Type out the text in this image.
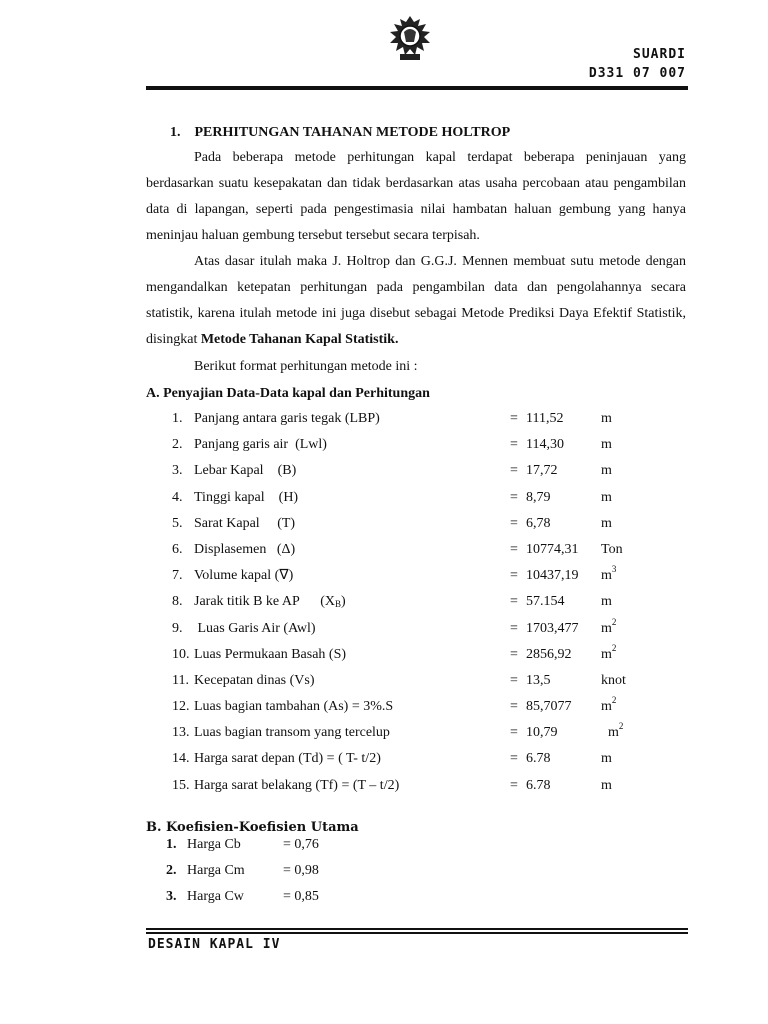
SUARDI
D331 07 007
1. PERHITUNGAN TAHANAN METODE HOLTROP
Pada beberapa metode perhitungan kapal terdapat beberapa peninjauan yang berdasarkan suatu kesepakatan dan tidak berdasarkan atas usaha percobaan atau pengambilan data di lapangan, seperti pada pengestimasia nilai hambatan haluan gembung yang hanya meninjau haluan gembung tersebut tersebut secara terpisah.
Atas dasar itulah maka J. Holtrop dan G.G.J. Mennen membuat sutu metode dengan mengandalkan ketepatan perhitungan pada pengambilan data dan pengolahannya secara statistik, karena itulah metode ini juga disebut sebagai Metode Prediksi Daya Efektif Statistik, disingkat Metode Tahanan Kapal Statistik.
Berikut format perhitungan metode ini :
A. Penyajian Data-Data kapal dan Perhitungan
1. Panjang antara garis tegak (LBP)	= 111,52	m
2. Panjang garis air  (Lwl)	= 114,30	m
3. Lebar Kapal    (B)	= 17,72	m
4. Tinggi kapal    (H)	= 8,79	m
5. Sarat Kapal     (T)	= 6,78	m
6. Displasemen   (Δ)	= 10774,31 Ton
7. Volume kapal (∇)	= 10437,19 $m^3$
8. Jarak titik B ke AP      $(X_B)$	= 57.154	m
9. Luas Garis Air (Awl)	= 1703,477 $m^2$
10. Luas Permukaan Basah (S)	= 2856,92 $m^2$
11. Kecepatan dinas (Vs)	= 13,5	knot
12. Luas bagian tambahan (As) = 3%.S	= 85,7077 $m^2$
13. Luas bagian transom yang tercelup	= 10,79	$m^2$
14. Harga sarat depan (Td) = ( T- t/2)	= 6.78	m
15. Harga sarat belakang (Tf) = (T – t/2)	= 6.78	m
B. Koefisien-Koefisien Utama
1. Harga Cb	= 0,76
2. Harga Cm	= 0,98
3. Harga Cw	= 0,85
DESAIN KAPAL IV
